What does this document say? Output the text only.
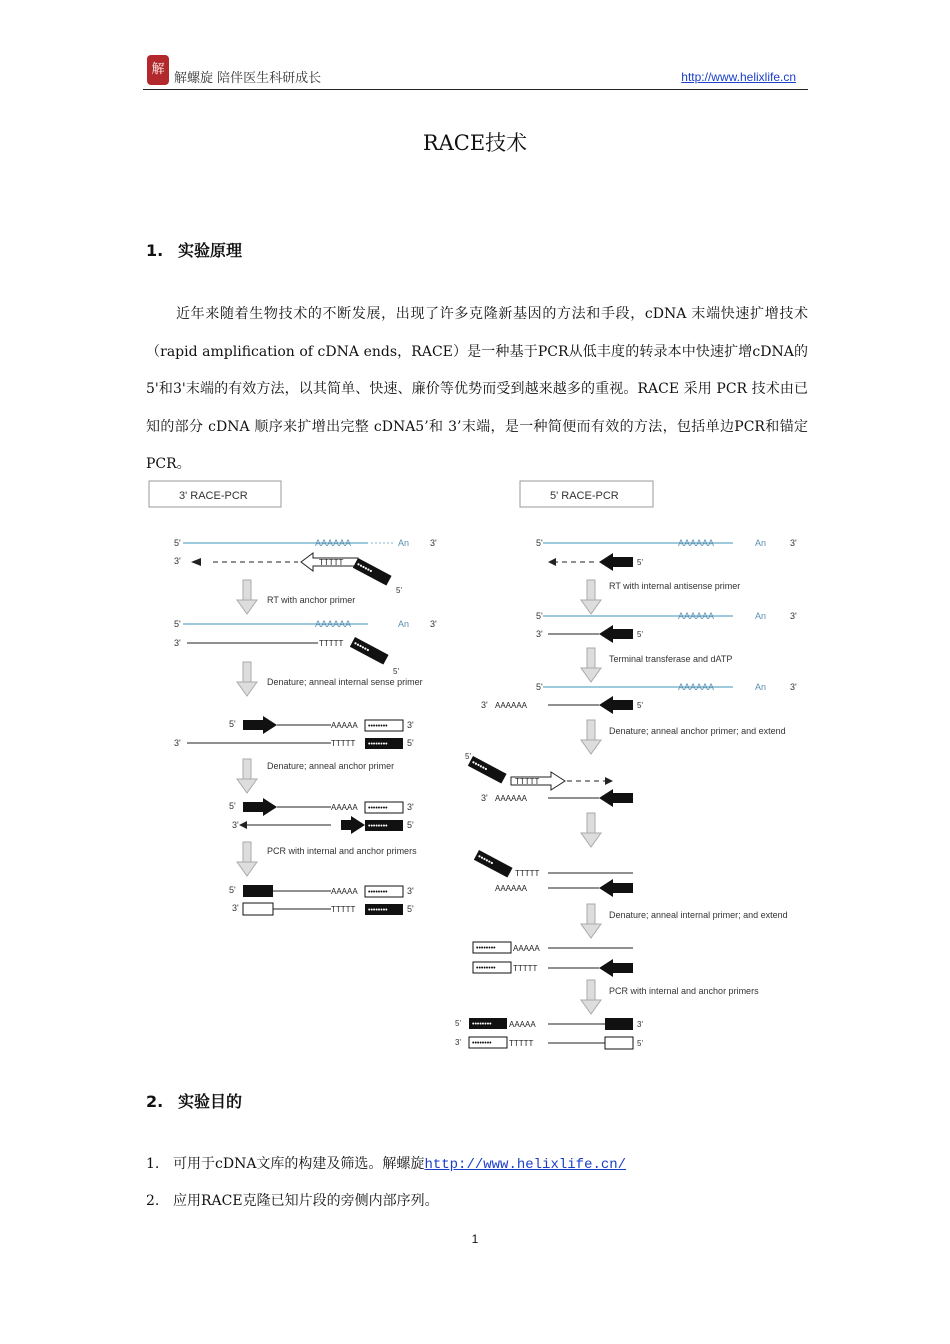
解
解螺旋 陪伴医生科研成长	http://www.helixlife.cn
RACE技术
1. 实验原理

近年来随着生物技术的不断发展，出现了许多克隆新基因的方法和手段，cDNA 末端快速扩增技术（rapid amplification of cDNA ends，RACE）是一种基于PCR从低丰度的转录本中快速扩增cDNA的5'和3'末端的有效方法，以其简单、快速、廉价等优势而受到越来越多的重视。RACE 采用 PCR 技术由已知的部分 cDNA 顺序来扩增出完整 cDNA5’和 3’末端，是一种简便而有效的方法，包括单边PCR和锚定PCR。

3' RACE-PCR	5' RACE-PCR
AAAAAA	An
5'	3'
3'	TTTTT ••••••
5'
RT with anchor primer
AAAAAA	An
5'	3'
3'	TTTTT ••••••
5'
Denature; anneal internal sense primer
5'	AAAAA •••••••• 3'
3'	TTTTT •••••••• 5'
Denature; anneal anchor primer
5'	AAAAA •••••••• 3'
3'	•••••••• 5'
PCR with internal and anchor primers
5'	AAAAA •••••••• 3'
3'	TTTTT •••••••• 5'
AAAAAA	An
5'	3'
5'
RT with internal antisense primer
AAAAAA	An
5'	3'
3'	5'
Terminal transferase and dATP
AAAAAA	An
5'	3'
3' AAAAAA	5'
Denature; anneal anchor primer; and extend
5'
••••••
TTTTT
3' AAAAAA
••••••
TTTTT
AAAAAA
Denature; anneal internal primer; and extend
•••••••• AAAAA
•••••••• TTTTT
PCR with internal and anchor primers
5' •••••••• AAAAA	3'
3' •••••••• TTTTT	5'
2. 实验目的
1. 可用于cDNA文库的构建及筛选。解螺旋http://www.helixlife.cn/
2. 应用RACE克隆已知片段的旁侧内部序列。
1
